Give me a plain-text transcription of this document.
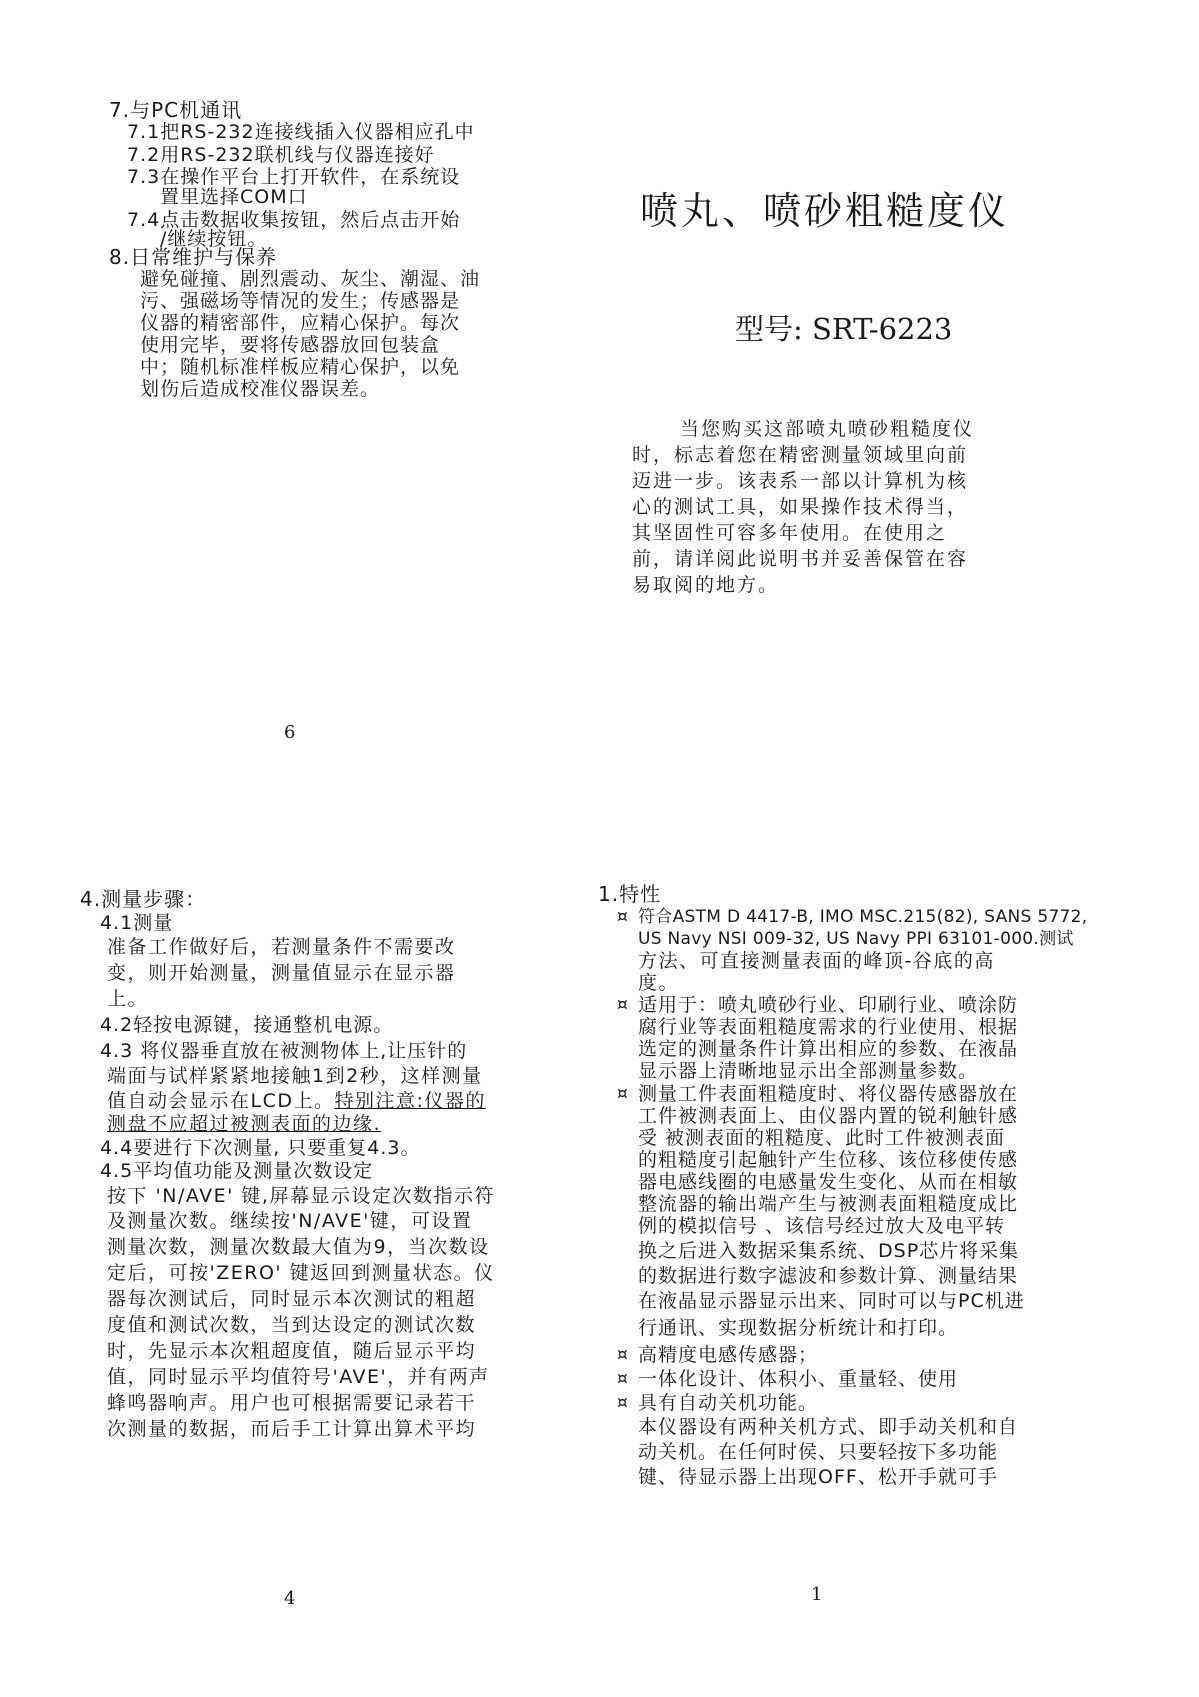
7.与PC机通讯
7.1把RS-232连接线插入仪器相应孔中
7.2用RS-232联机线与仪器连接好
7.3在操作平台上打开软件，在系统设
置里选择COM口
7.4点击数据收集按钮，然后点击开始
/继续按钮。
8.日常维护与保养
避免碰撞、剧烈震动、灰尘、潮湿、油
污、强磁场等情况的发生；传感器是
仪器的精密部件，应精心保护。每次
使用完毕，要将传感器放回包装盒
中；随机标准样板应精心保护，以免
划伤后造成校准仪器误差。
6
喷丸、喷砂粗糙度仪
型号: SRT-6223
当您购买这部喷丸喷砂粗糙度仪
时，标志着您在精密测量领域里向前
迈进一步。该表系一部以计算机为核
心的测试工具，如果操作技术得当，
其坚固性可容多年使用。在使用之
前，请详阅此说明书并妥善保管在容
易取阅的地方。
4.测量步骤：
4.1测量
准备工作做好后，若测量条件不需要改
变，则开始测量，测量值显示在显示器
上。
4.2轻按电源键，接通整机电源。
4.3 将仪器垂直放在被测物体上,让压针的
端面与试样紧紧地接触1到2秒，这样测量
值自动会显示在LCD上。特别注意:仪器的
测盘不应超过被测表面的边缘.
4.4要进行下次测量, 只要重复4.3。
4.5平均值功能及测量次数设定
按下 'N/AVE' 键,屏幕显示设定次数指示符
及测量次数。继续按'N/AVE'键，可设置
测量次数，测量次数最大值为9，当次数设
定后，可按'ZERO' 键返回到测量状态。仪
器每次测试后，同时显示本次测试的粗超
度值和测试次数，当到达设定的测试次数
时，先显示本次粗超度值，随后显示平均
值，同时显示平均值符号'AVE'，并有两声
蜂鸣器响声。用户也可根据需要记录若干
次测量的数据，而后手工计算出算术平均
4
1.特性
¤ 符合ASTM D 4417-B, IMO MSC.215(82), SANS 5772,
US Navy NSI 009-32, US Navy PPI 63101-000.测试
方法、可直接测量表面的峰顶-谷底的高
度。
¤ 适用于：喷丸喷砂行业、印刷行业、喷涂防
腐行业等表面粗糙度需求的行业使用、根据
选定的测量条件计算出相应的参数、在液晶
显示器上清晰地显示出全部测量参数。
¤ 测量工件表面粗糙度时、将仪器传感器放在
工件被测表面上、由仪器内置的锐利触针感
受 被测表面的粗糙度、此时工件被测表面
的粗糙度引起触针产生位移、该位移使传感
器电感线圈的电感量发生变化、从而在相敏
整流器的输出端产生与被测表面粗糙度成比
例的模拟信号 、该信号经过放大及电平转
换之后进入数据采集系统、DSP芯片将采集
的数据进行数字滤波和参数计算、测量结果
在液晶显示器显示出来、同时可以与PC机进
行通讯、实现数据分析统计和打印。
¤ 高精度电感传感器；
¤ 一体化设计、体积小、重量轻、使用
¤ 具有自动关机功能。
本仪器设有两种关机方式、即手动关机和自
动关机。在任何时侯、只要轻按下多功能
键、待显示器上出现OFF、松开手就可手
1
